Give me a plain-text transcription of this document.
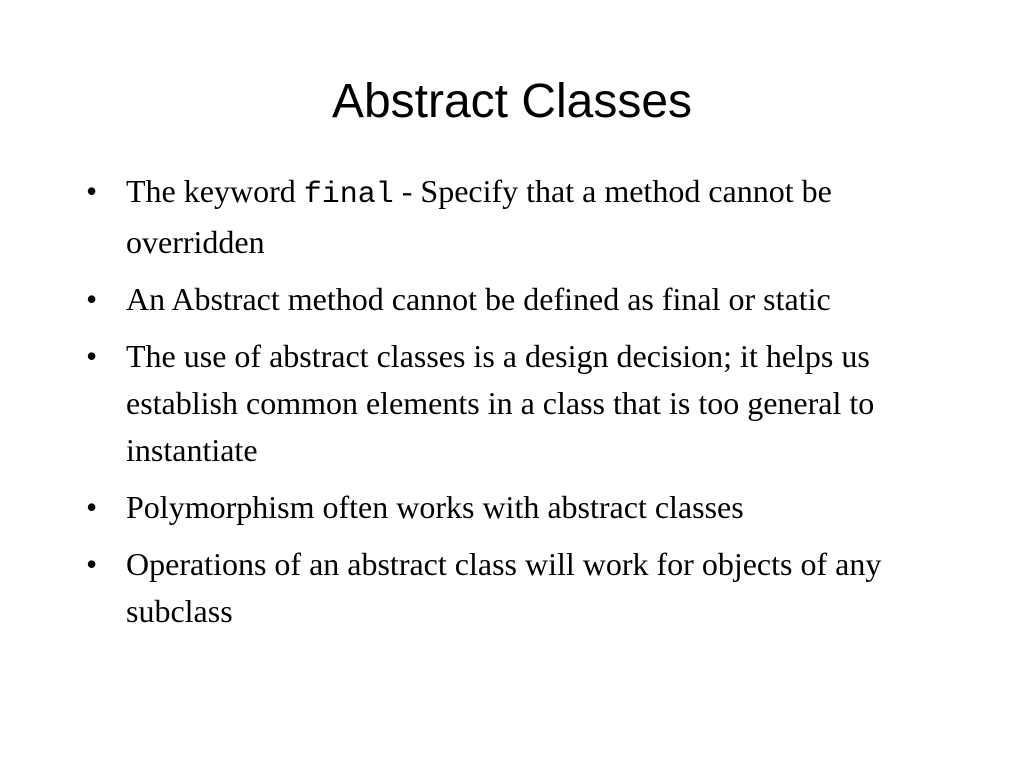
Abstract Classes
• The keyword final - Specify that a method cannot be overridden
• An Abstract method cannot be defined as final or static
• The use of abstract classes is a design decision; it helps us establish common elements in a class that is too general to instantiate
• Polymorphism often works with abstract classes
• Operations of an abstract class will work for objects of any subclass
